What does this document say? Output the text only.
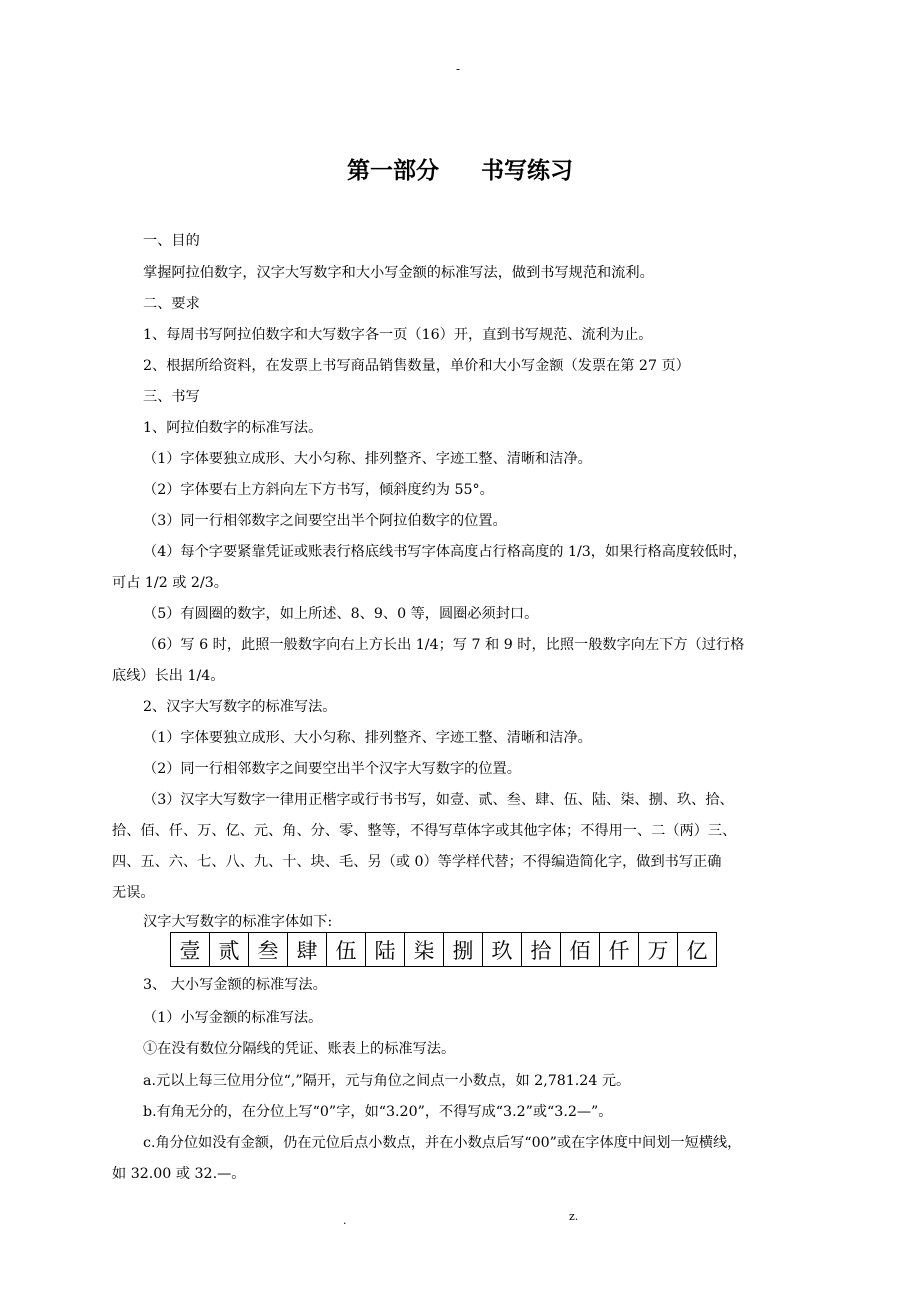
-
第一部分 书写练习
一、目的
掌握阿拉伯数字，汉字大写数字和大小写金额的标准写法，做到书写规范和流利。
二、要求
1、每周书写阿拉伯数字和大写数字各一页（16）开，直到书写规范、流利为止。
2、根据所给资料，在发票上书写商品销售数量，单价和大小写金额（发票在第 27 页）
三、书写
1、阿拉伯数字的标准写法。
（1）字体要独立成形、大小匀称、排列整齐、字迹工整、清晰和洁净。
（2）字体要右上方斜向左下方书写，倾斜度约为 55°。
（3）同一行相邻数字之间要空出半个阿拉伯数字的位置。
（4）每个字要紧靠凭证或账表行格底线书写字体高度占行格高度的 1/3，如果行格高度较低时，
可占 1/2 或 2/3。
（5）有圆圈的数字，如上所述、8、9、0 等，圆圈必须封口。
（6）写 6 时，此照一般数字向右上方长出 1/4；写 7 和 9 时，比照一般数字向左下方（过行格
底线）长出 1/4。
2、汉字大写数字的标准写法。
（1）字体要独立成形、大小匀称、排列整齐、字迹工整、清晰和洁净。
（2）同一行相邻数字之间要空出半个汉字大写数字的位置。
（3）汉字大写数字一律用正楷字或行书书写，如壹、贰、叁、肆、伍、陆、柒、捌、玖、拾、
拾、佰、仟、万、亿、元、角、分、零、整等，不得写草体字或其他字体；不得用一、二（两）三、
四、五、六、七、八、九、十、块、毛、另（或 0）等学样代替；不得编造简化字，做到书写正确
无误。
汉字大写数字的标准字体如下:
壹	贰	叁	肆	伍	陆	柒	捌	玖	拾	佰	仟	万	亿
3、 大小写金额的标准写法。
（1）小写金额的标准写法。
①在没有数位分隔线的凭证、账表上的标准写法。
a.元以上每三位用分位“,”隔开，元与角位之间点一小数点，如 2,781.24 元。
b.有角无分的，在分位上写“0”字，如“3.20”，不得写成“3.2”或“3.2—”。
c.角分位如没有金额，仍在元位后点小数点，并在小数点后写“00”或在字体度中间划一短横线，
如 32.00 或 32.—。
.	z.
